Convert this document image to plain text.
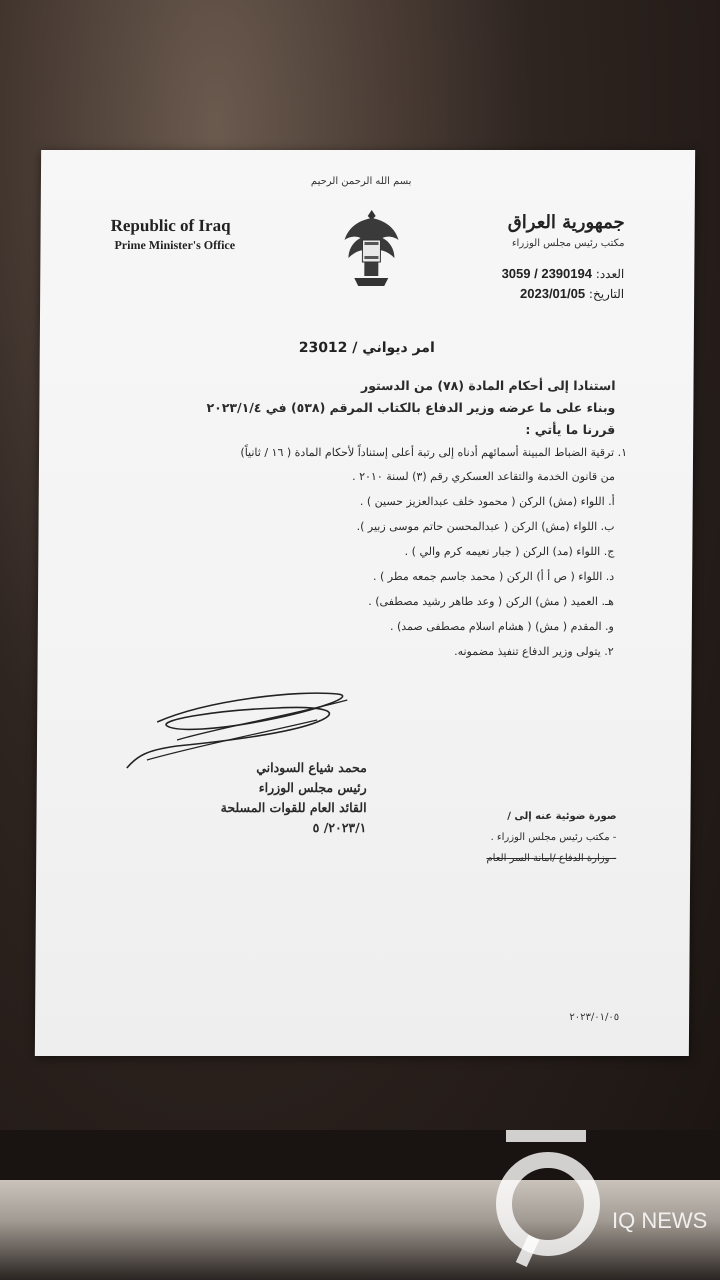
بسم الله الرحمن الرحيم
Republic of Iraq
Prime Minister's Office
جمهورية العراق
مكتب رئيس مجلس الوزراء
العدد: 2390194 / 3059
التاريخ: 2023/01/05
امر ديواني / 23012
استنادا إلى أحكام المادة (٧٨) من الدستور
وبناء على ما عرضه وزير الدفاع بالكتاب المرقم (٥٣٨) في ٢٠٢٣/١/٤
قررنا ما يأتي :
١. ترقية الضباط المبينة أسمائهم أدناه إلى رتبة أعلى إستناداً لأحكام المادة ( ١٦ / ثانياً)
من قانون الخدمة والتقاعد العسكري رقم (٣) لسنة ٢٠١٠ .
أ. اللواء (مش) الركن ( محمود خلف عبدالعزيز حسين ) .
ب. اللواء (مش) الركن ( عبدالمحسن حاتم موسى زبير ).
ج. اللواء (مد) الركن ( جبار نعيمه كرم والي ) .
د. اللواء ( ص أ أ) الركن ( محمد جاسم جمعه مطر ) .
هـ. العميد ( مش) الركن ( وعد طاهر رشيد مصطفى) .
و. المقدم ( مش) ( هشام اسلام مصطفى صمد) .
٢. يتولى وزير الدفاع تنفيذ مضمونه.
محمد شياع السوداني
رئيس مجلس الوزراء
القائد العام للقوات المسلحة
٢٠٢٣/١/ ٥
صورة ضوئية عنه إلى /
- مكتب رئيس مجلس الوزراء .
- وزارة الدفاع /امانة السر العام
٢٠٢٣/٠١/٠٥
IQ NEWS
